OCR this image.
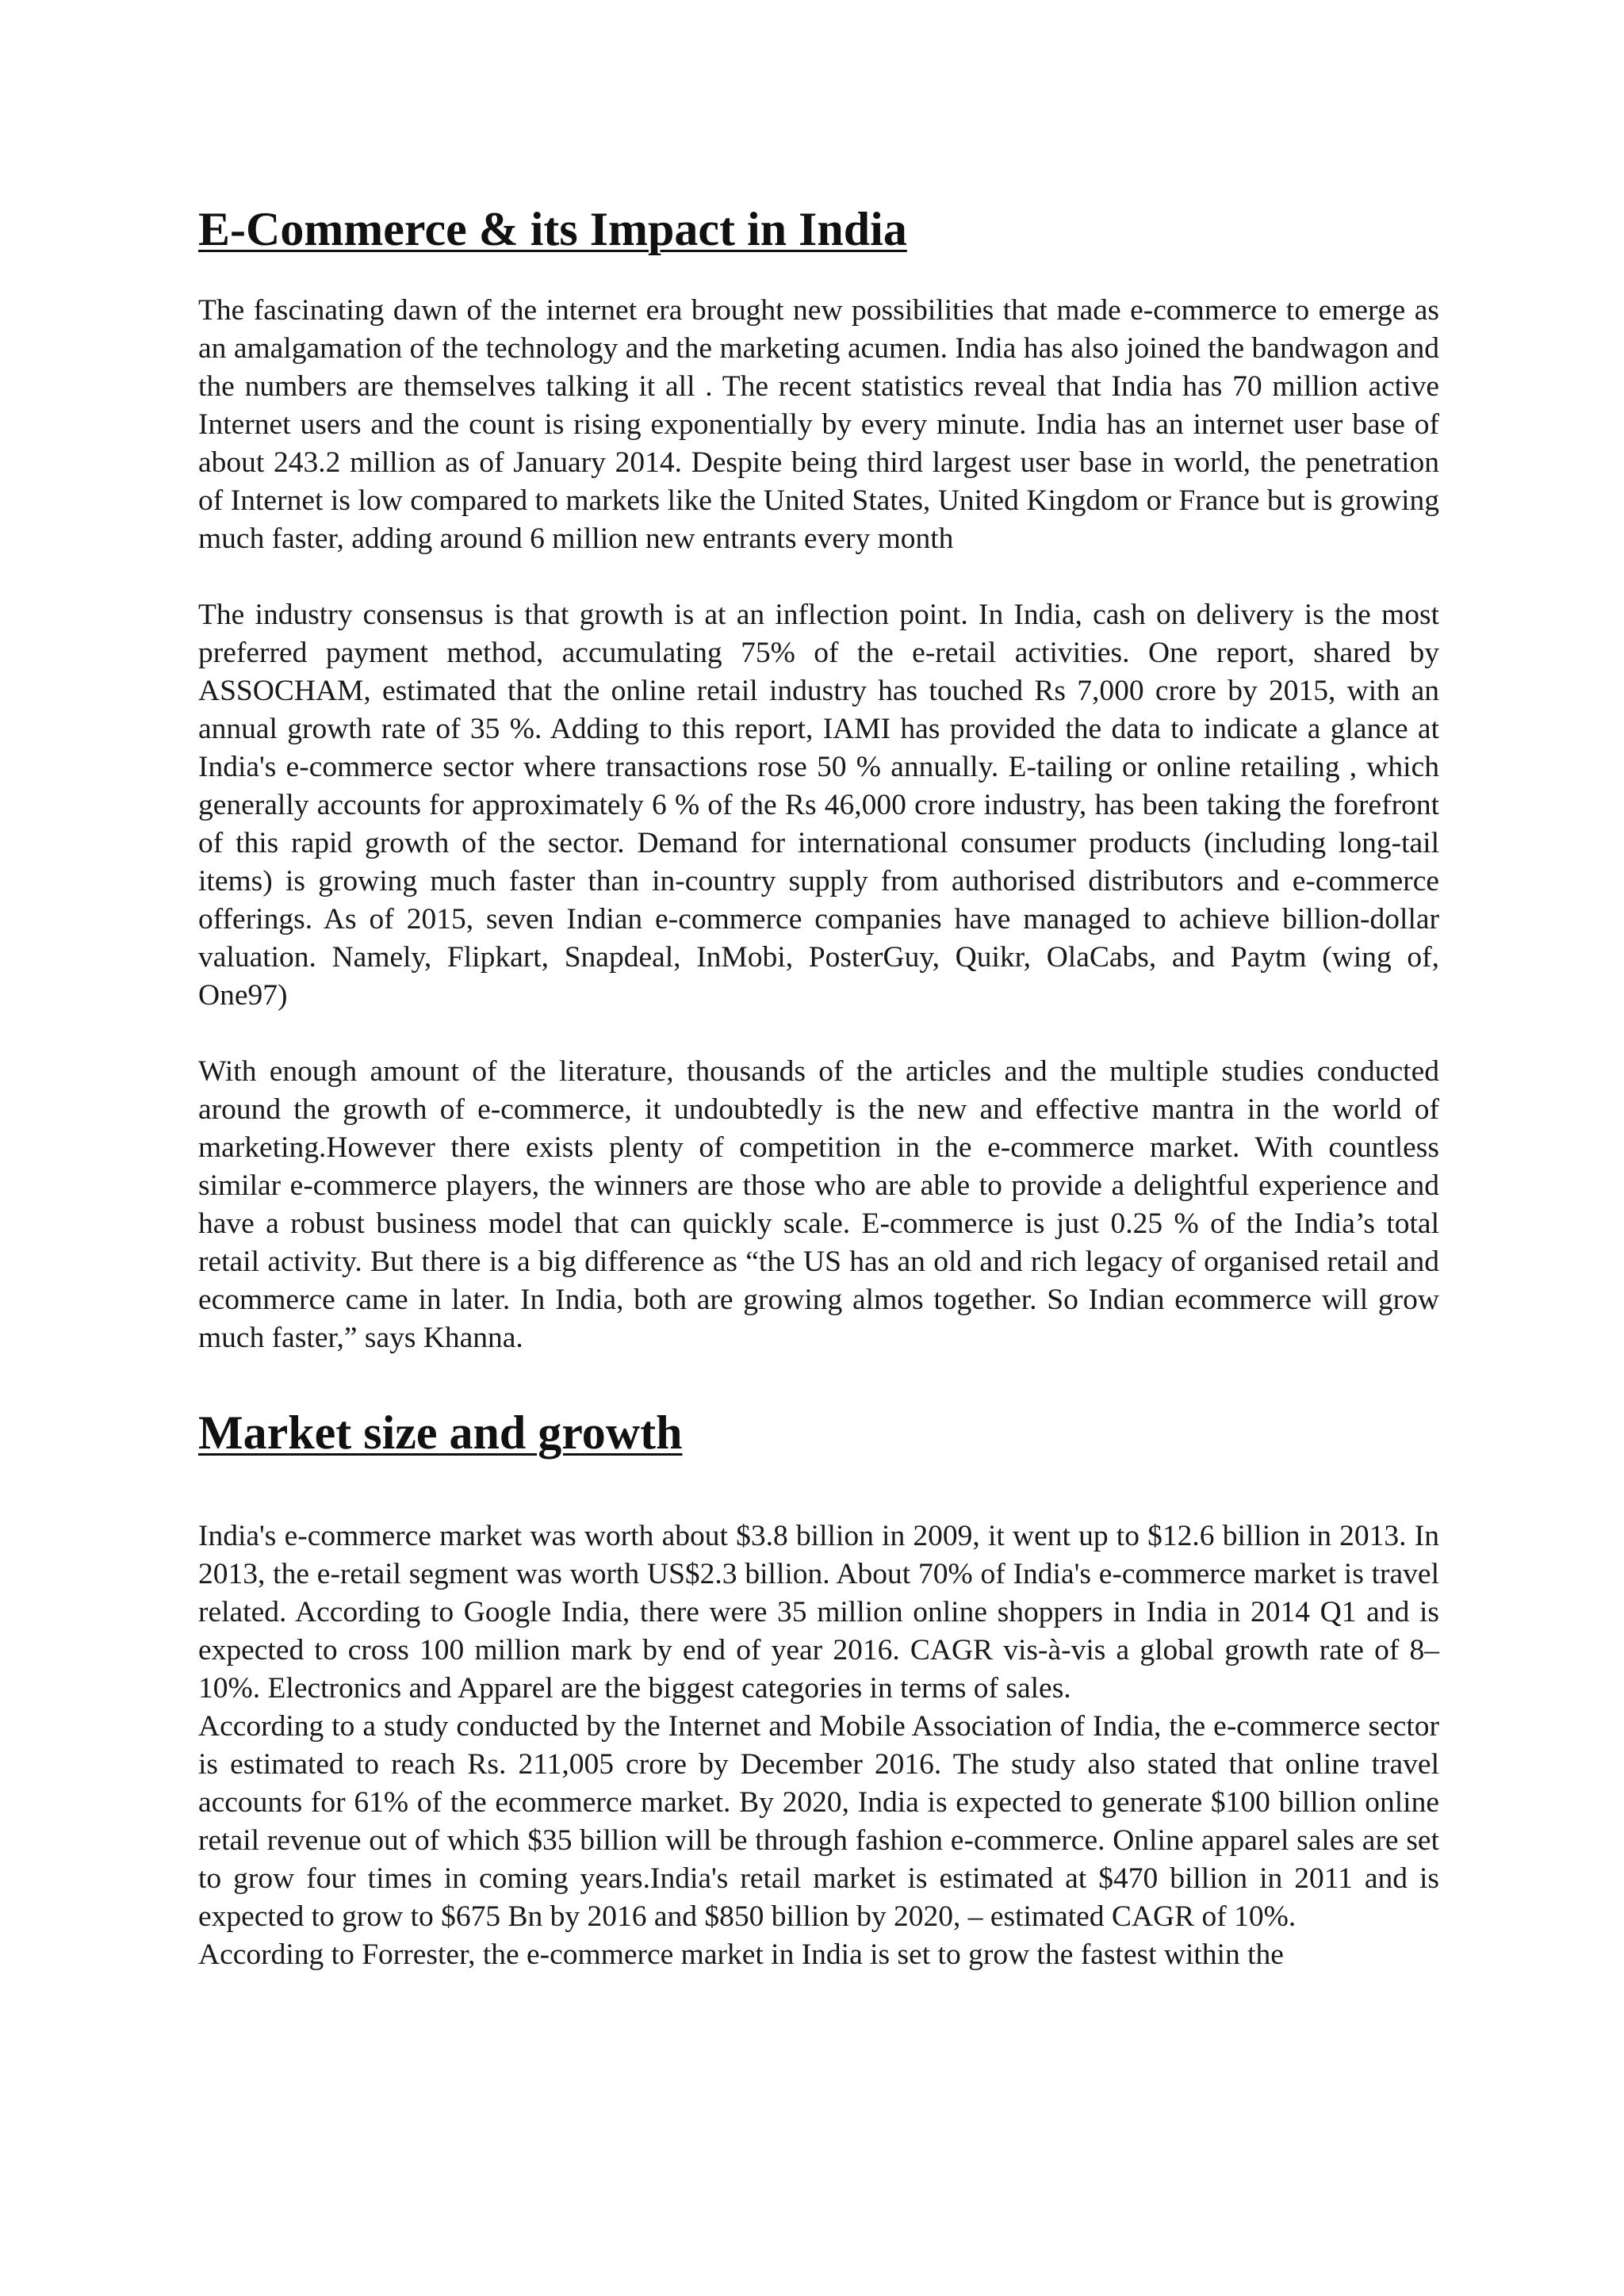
E-Commerce & its Impact in India

The fascinating dawn of the internet era brought new possibilities that made e-commerce to emerge as an amalgamation of the technology and the marketing acumen. India has also joined the bandwagon and the numbers are themselves talking it all . The recent statistics reveal that India has 70 million active Internet users and the count is rising exponentially by every minute. India has an internet user base of about 243.2 million as of January 2014. Despite being third largest user base in world, the penetration of Internet is low compared to markets like the United States, United Kingdom or France but is growing much faster, adding around 6 million new entrants every month

The industry consensus is that growth is at an inflection point. In India, cash on delivery is the most preferred payment method, accumulating 75% of the e-retail activities. One report, shared by ASSOCHAM, estimated that the online retail industry has touched Rs 7,000 crore by 2015, with an annual growth rate of 35 %. Adding to this report, IAMI has provided the data to indicate a glance at India's e-commerce sector where transactions rose 50 % annually. E-tailing or online retailing , which generally accounts for approximately 6 % of the Rs 46,000 crore industry, has been taking the forefront of this rapid growth of the sector. Demand for international consumer products (including long-tail items) is growing much faster than in-country supply from authorised distributors and e-commerce offerings. As of 2015, seven Indian e-commerce companies have managed to achieve billion-dollar valuation. Namely, Flipkart, Snapdeal, InMobi, PosterGuy, Quikr, OlaCabs, and Paytm (wing of, One97)

With enough amount of the literature, thousands of the articles and the multiple studies conducted around the growth of e-commerce, it undoubtedly is the new and effective mantra in the world of marketing.However there exists plenty of competition in the e-commerce market. With countless similar e-commerce players, the winners are those who are able to provide a delightful experience and have a robust business model that can quickly scale. E-commerce is just 0.25 % of the India’s total retail activity. But there is a big difference as “the US has an old and rich legacy of organised retail and ecommerce came in later. In India, both are growing almos together. So Indian ecommerce will grow much faster,” says Khanna.

Market size and growth

India's e-commerce market was worth about $3.8 billion in 2009, it went up to $12.6 billion in 2013. In 2013, the e-retail segment was worth US$2.3 billion. About 70% of India's e-commerce market is travel related. According to Google India, there were 35 million online shoppers in India in 2014 Q1 and is expected to cross 100 million mark by end of year 2016. CAGR vis-à-vis a global growth rate of 8–10%. Electronics and Apparel are the biggest categories in terms of sales.

According to a study conducted by the Internet and Mobile Association of India, the e-commerce sector is estimated to reach Rs. 211,005 crore by December 2016. The study also stated that online travel accounts for 61% of the ecommerce market. By 2020, India is expected to generate $100 billion online retail revenue out of which $35 billion will be through fashion e-commerce. Online apparel sales are set to grow four times in coming years.India's retail market is estimated at $470 billion in 2011 and is expected to grow to $675 Bn by 2016 and $850 billion by 2020, – estimated CAGR of 10%.

According to Forrester, the e-commerce market in India is set to grow the fastest within the
